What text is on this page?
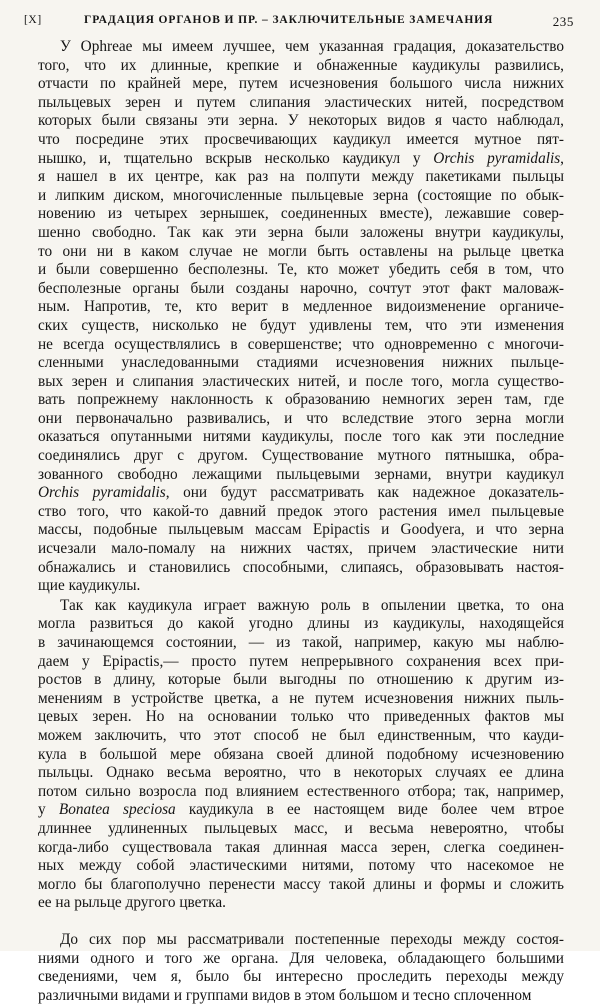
[X]	ГРАДАЦИЯ ОРГАНОВ И ПР. – ЗАКЛЮЧИТЕЛЬНЫЕ ЗАМЕЧАНИЯ	235
У Ophreae мы имеем лучшее, чем указанная градация, доказательство
того, что их длинные, крепкие и обнаженные каудикулы развились,
отчасти по крайней мере, путем исчезновения большого числа нижних
пыльцевых зерен и путем слипания эластических нитей, посредством
которых были связаны эти зерна. У некоторых видов я часто наблюдал,
что посредине этих просвечивающих каудикул имеется мутное пят-
нышко, и, тщательно вскрыв несколько каудикул у Orchis pyramidalis,
я нашел в их центре, как раз на полпути между пакетиками пыльцы
и липким диском, многочисленные пыльцевые зерна (состоящие по обык-
новению из четырех зернышек, соединенных вместе), лежавшие совер-
шенно свободно. Так как эти зерна были заложены внутри каудикулы,
то они ни в каком случае не могли быть оставлены на рыльце цветка
и были совершенно бесполезны. Те, кто может убедить себя в том, что
бесполезные органы были созданы нарочно, сочтут этот факт маловаж-
ным. Напротив, те, кто верит в медленное видоизменение органиче-
ских существ, нисколько не будут удивлены тем, что эти изменения
не всегда осуществлялись в совершенстве; что одновременно с многочи-
сленными унаследованными стадиями исчезновения нижних пыльце-
вых зерен и слипания эластических нитей, и после того, могла существо-
вать попрежнему наклонность к образованию немногих зерен там, где
они первоначально развивались, и что вследствие этого зерна могли
оказаться опутанными нитями каудикулы, после того как эти последние
соединялись друг с другом. Существование мутного пятнышка, обра-
зованного свободно лежащими пыльцевыми зернами, внутри каудикул
Orchis pyramidalis, они будут рассматривать как надежное доказатель-
ство того, что какой-то давний предок этого растения имел пыльцевые
массы, подобные пыльцевым массам Epipactis и Goodyera, и что зерна
исчезали мало-помалу на нижних частях, причем эластические нити
обнажались и становились способными, слипаясь, образовывать настоя-
щие каудикулы.
Так как каудикула играет важную роль в опылении цветка, то она
могла развиться до какой угодно длины из каудикулы, находящейся
в зачинающемся состоянии, — из такой, например, какую мы наблю-
даем у Epipactis,— просто путем непрерывного сохранения всех при-
ростов в длину, которые были выгодны по отношению к другим из-
менениям в устройстве цветка, а не путем исчезновения нижних пыль-
цевых зерен. Но на основании только что приведенных фактов мы
можем заключить, что этот способ не был единственным, что кауди-
кула в большой мере обязана своей длиной подобному исчезновению
пыльцы. Однако весьма вероятно, что в некоторых случаях ее длина
потом сильно возросла под влиянием естественного отбора; так, например,
у Bonatea speciosa каудикула в ее настоящем виде более чем втрое
длиннее удлиненных пыльцевых масс, и весьма невероятно, чтобы
когда-либо существовала такая длинная масса зерен, слегка соединен-
ных между собой эластическими нитями, потому что насекомое не
могло бы благополучно перенести массу такой длины и формы и сложить
ее на рыльце другого цветка.
До сих пор мы рассматривали постепенные переходы между состоя-
ниями одного и того же органа. Для человека, обладающего большими
сведениями, чем я, было бы интересно проследить переходы между
различными видами и группами видов в этом большом и тесно сплоченном
